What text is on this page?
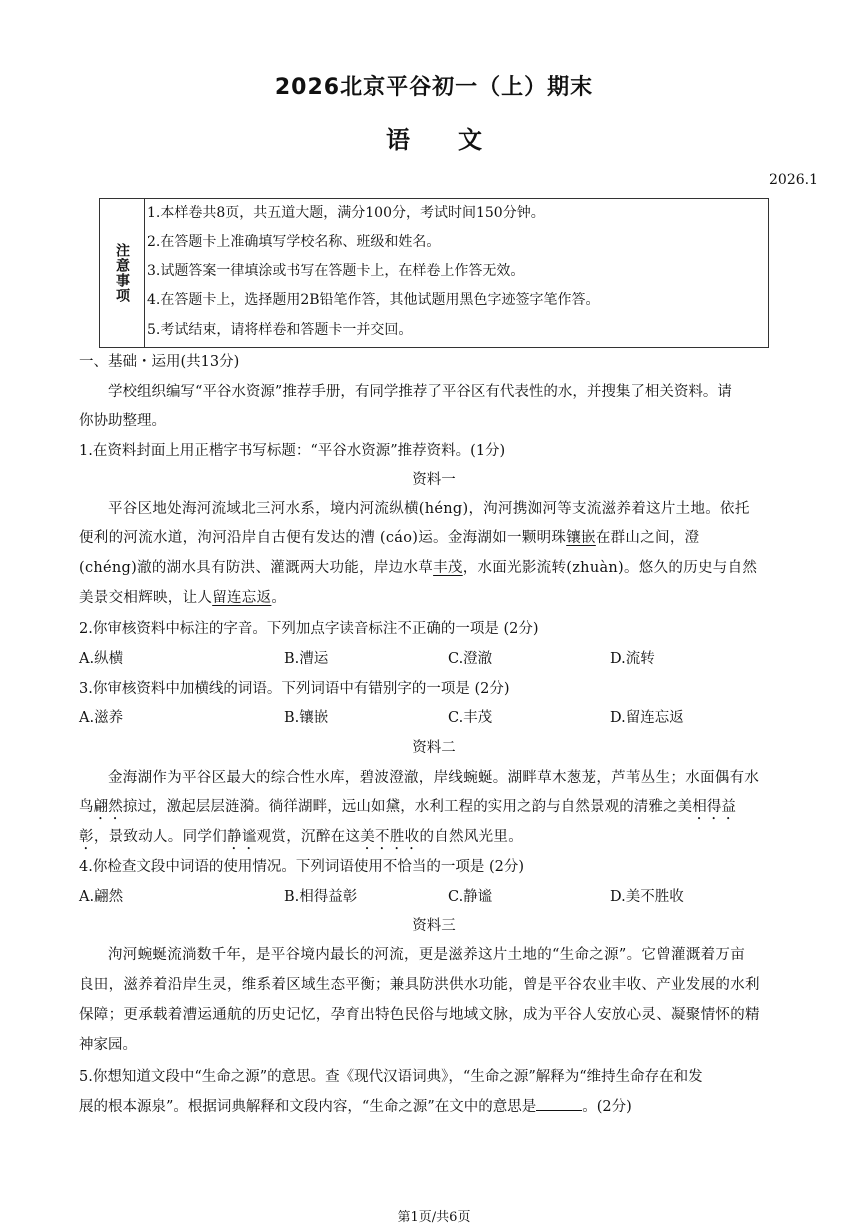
2026北京平谷初一（上）期末
语　　文
2026.1
注意事项
1.本样卷共8页，共五道大题，满分100分，考试时间150分钟。
2.在答题卡上准确填写学校名称、班级和姓名。
3.试题答案一律填涂或书写在答题卡上，在样卷上作答无效。
4.在答题卡上，选择题用2B铅笔作答，其他试题用黑色字迹签字笔作答。
5.考试结束，请将样卷和答题卡一并交回。
一、基础・运用(共13分)
学校组织编写“平谷水资源”推荐手册，有同学推荐了平谷区有代表性的水，并搜集了相关资料。请
你协助整理。
1.在资料封面上用正楷字书写标题：“平谷水资源”推荐资料。(1分)
资料一
平谷区地处海河流域北三河水系，境内河流纵横(héng)，泃河携洳河等支流滋养着这片土地。依托
便利的河流水道，泃河沿岸自古便有发达的漕 (cáo)运。金海湖如一颗明珠镶嵌在群山之间，澄
(chéng)澈的湖水具有防洪、灌溉两大功能，岸边水草丰茂，水面光影流转(zhuàn)。悠久的历史与自然
美景交相辉映，让人留连忘返。
2.你审核资料中标注的字音。下列加点字读音标注不正确的一项是 (2分)
A.纵横	B.漕运	C.澄澈	D.流转
3.你审核资料中加横线的词语。下列词语中有错别字的一项是 (2分)
A.滋养	B.镶嵌	C.丰茂	D.留连忘返
资料二
金海湖作为平谷区最大的综合性水库，碧波澄澈，岸线蜿蜒。湖畔草木葱茏，芦苇丛生；水面偶有水
鸟翩然掠过，激起层层涟漪。徜徉湖畔，远山如黛，水利工程的实用之韵与自然景观的清雅之美相得益
彰，景致动人。同学们静谧观赏，沉醉在这美不胜收的自然风光里。
4.你检查文段中词语的使用情况。下列词语使用不恰当的一项是 (2分)
A.翩然	B.相得益彰	C.静谧	D.美不胜收
资料三
泃河蜿蜒流淌数千年，是平谷境内最长的河流，更是滋养这片土地的“生命之源”。它曾灌溉着万亩
良田，滋养着沿岸生灵，维系着区域生态平衡；兼具防洪供水功能，曾是平谷农业丰收、产业发展的水利
保障；更承载着漕运通航的历史记忆，孕育出特色民俗与地域文脉，成为平谷人安放心灵、凝聚情怀的精
神家园。
5.你想知道文段中“生命之源”的意思。查《现代汉语词典》，“生命之源”解释为“维持生命存在和发
展的根本源泉”。根据词典解释和文段内容，“生命之源”在文中的意思是	。(2分)
第1页/共6页
